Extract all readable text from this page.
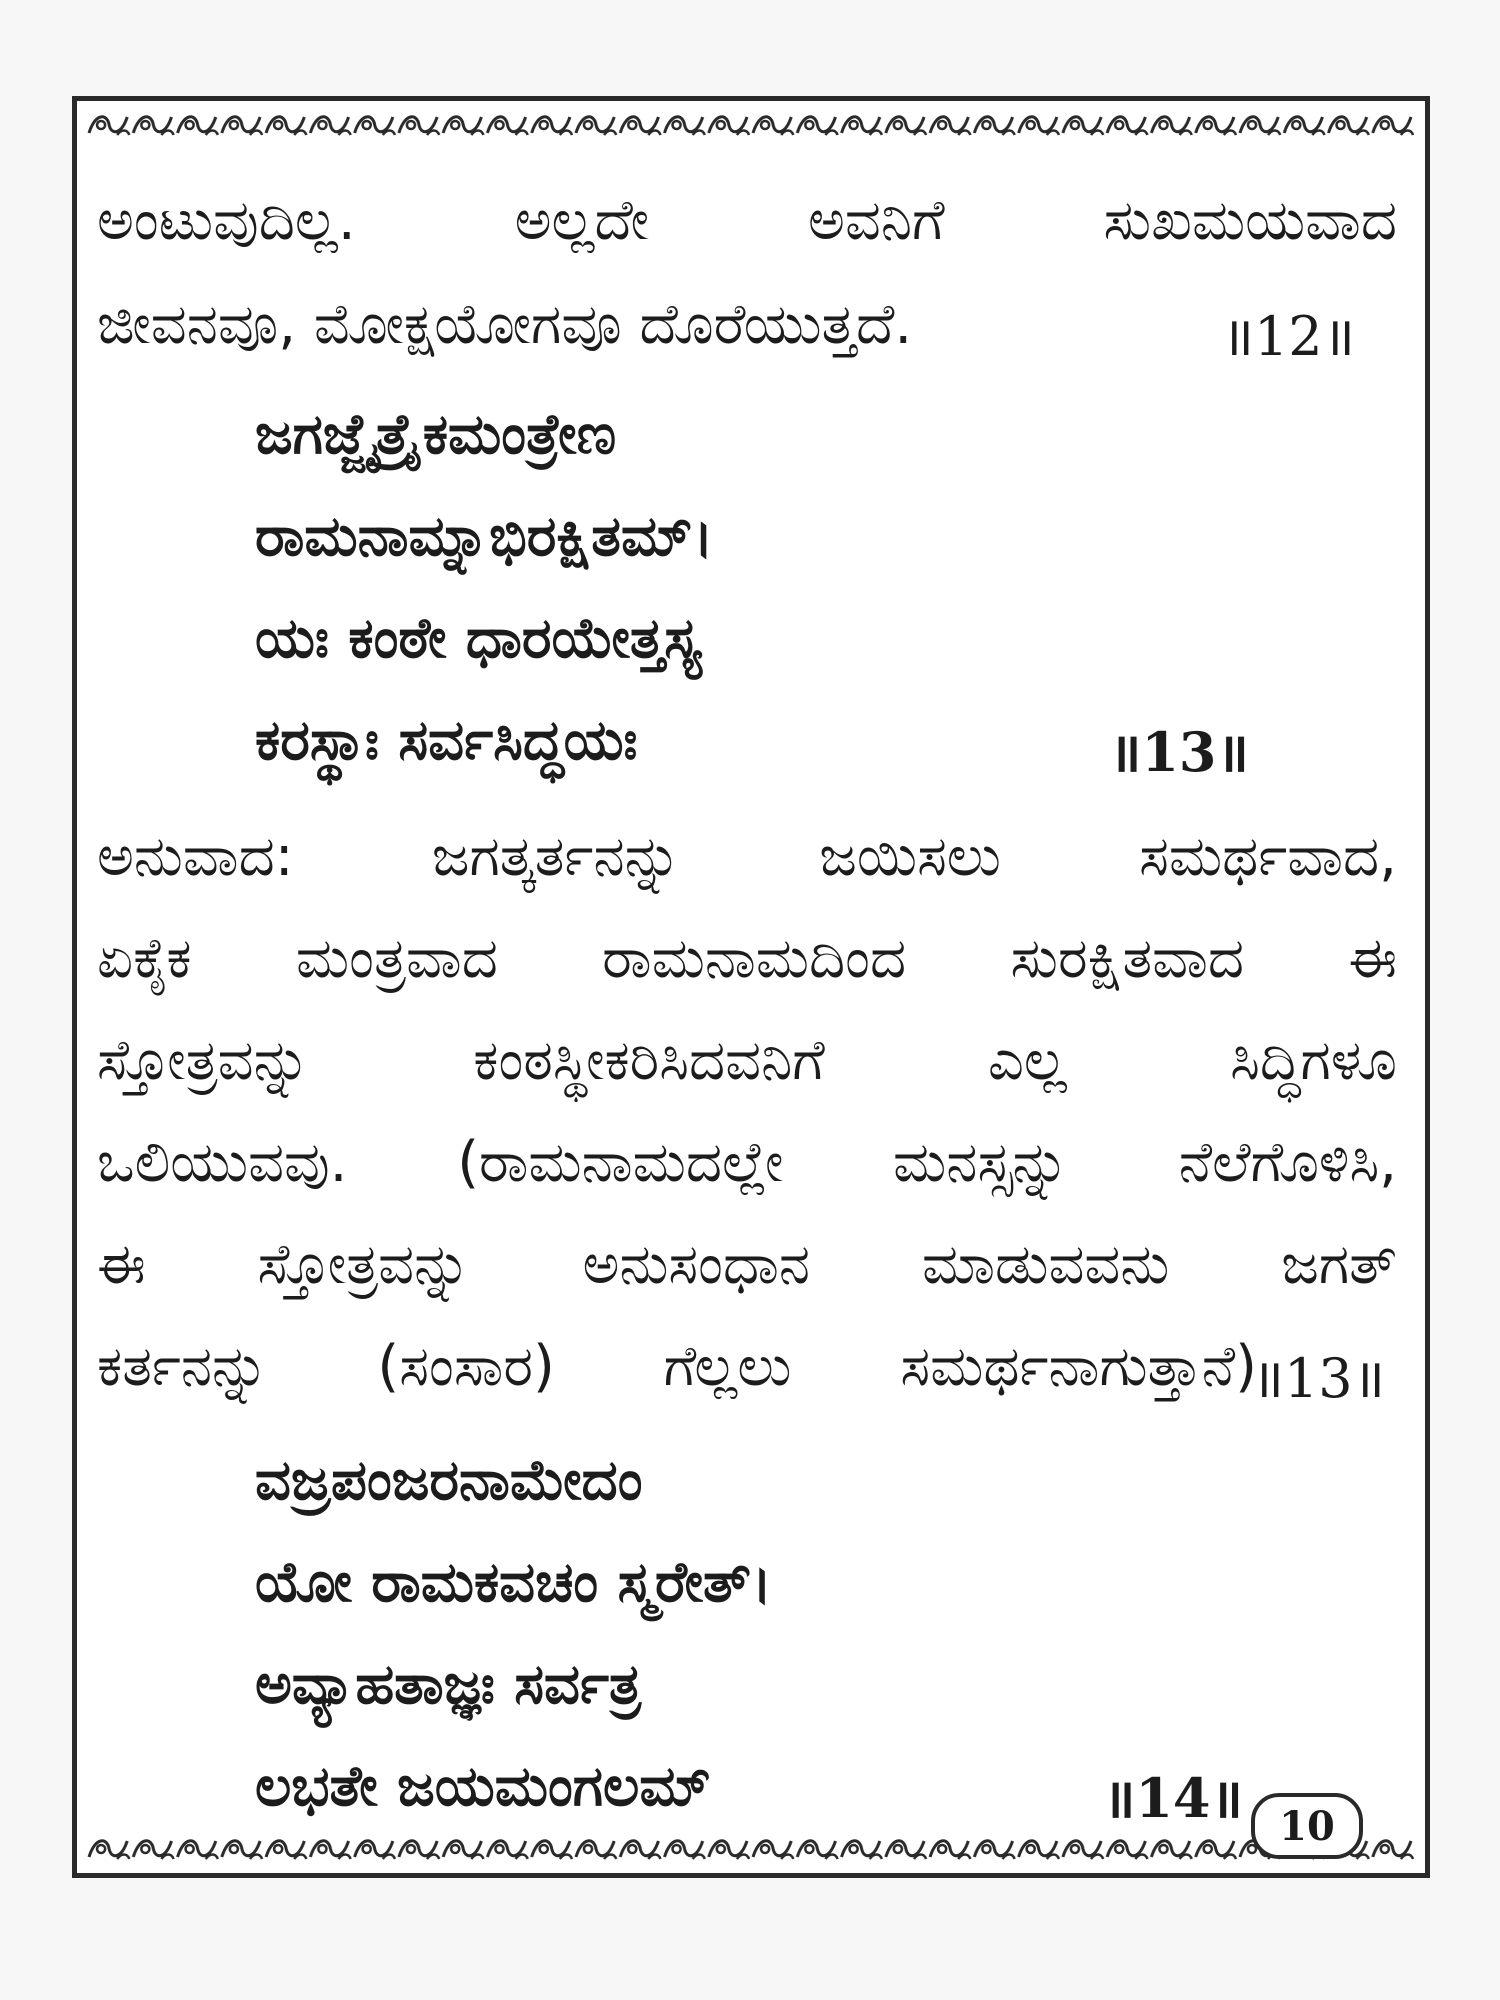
ಅಂಟುವುದಿಲ್ಲ. ಅಲ್ಲದೇ ಅವನಿಗೆ ಸುಖಮಯವಾದ
ಜೀವನವೂ, ಮೋಕ್ಷಯೋಗವೂ ದೊರೆಯುತ್ತದೆ.	॥12॥
ಜಗಜ್ಜೈತ್ರೈಕಮಂತ್ರೇಣ
ರಾಮನಾಮ್ನಾಭಿರಕ್ಷಿತಮ್।
ಯಃ ಕಂಠೇ ಧಾರಯೇತ್ತಸ್ಯ
ಕರಸ್ಥಾಃ ಸರ್ವಸಿದ್ಧಯಃ	॥13॥
ಅನುವಾದ: ಜಗತ್ಕರ್ತನನ್ನು ಜಯಿಸಲು ಸಮರ್ಥವಾದ,
ಏಕೈಕ ಮಂತ್ರವಾದ ರಾಮನಾಮದಿಂದ ಸುರಕ್ಷಿತವಾದ ಈ
ಸ್ತೋತ್ರವನ್ನು ಕಂಠಸ್ಥೀಕರಿಸಿದವನಿಗೆ ಎಲ್ಲ ಸಿದ್ಧಿಗಳೂ
ಒಲಿಯುವವು. (ರಾಮನಾಮದಲ್ಲೇ ಮನಸ್ಸನ್ನು ನೆಲೆಗೊಳಿಸಿ,
ಈ ಸ್ತೋತ್ರವನ್ನು ಅನುಸಂಧಾನ ಮಾಡುವವನು ಜಗತ್
ಕರ್ತನನ್ನು (ಸಂಸಾರ) ಗೆಲ್ಲಲು ಸಮರ್ಥನಾಗುತ್ತಾನೆ)
॥13॥
ವಜ್ರಪಂಜರನಾಮೇದಂ
ಯೋ ರಾಮಕವಚಂ ಸ್ಮರೇತ್।
ಅವ್ಯಾಹತಾಜ್ಞಃ ಸರ್ವತ್ರ
ಲಭತೇ ಜಯಮಂಗಲಮ್	॥14॥ 10
